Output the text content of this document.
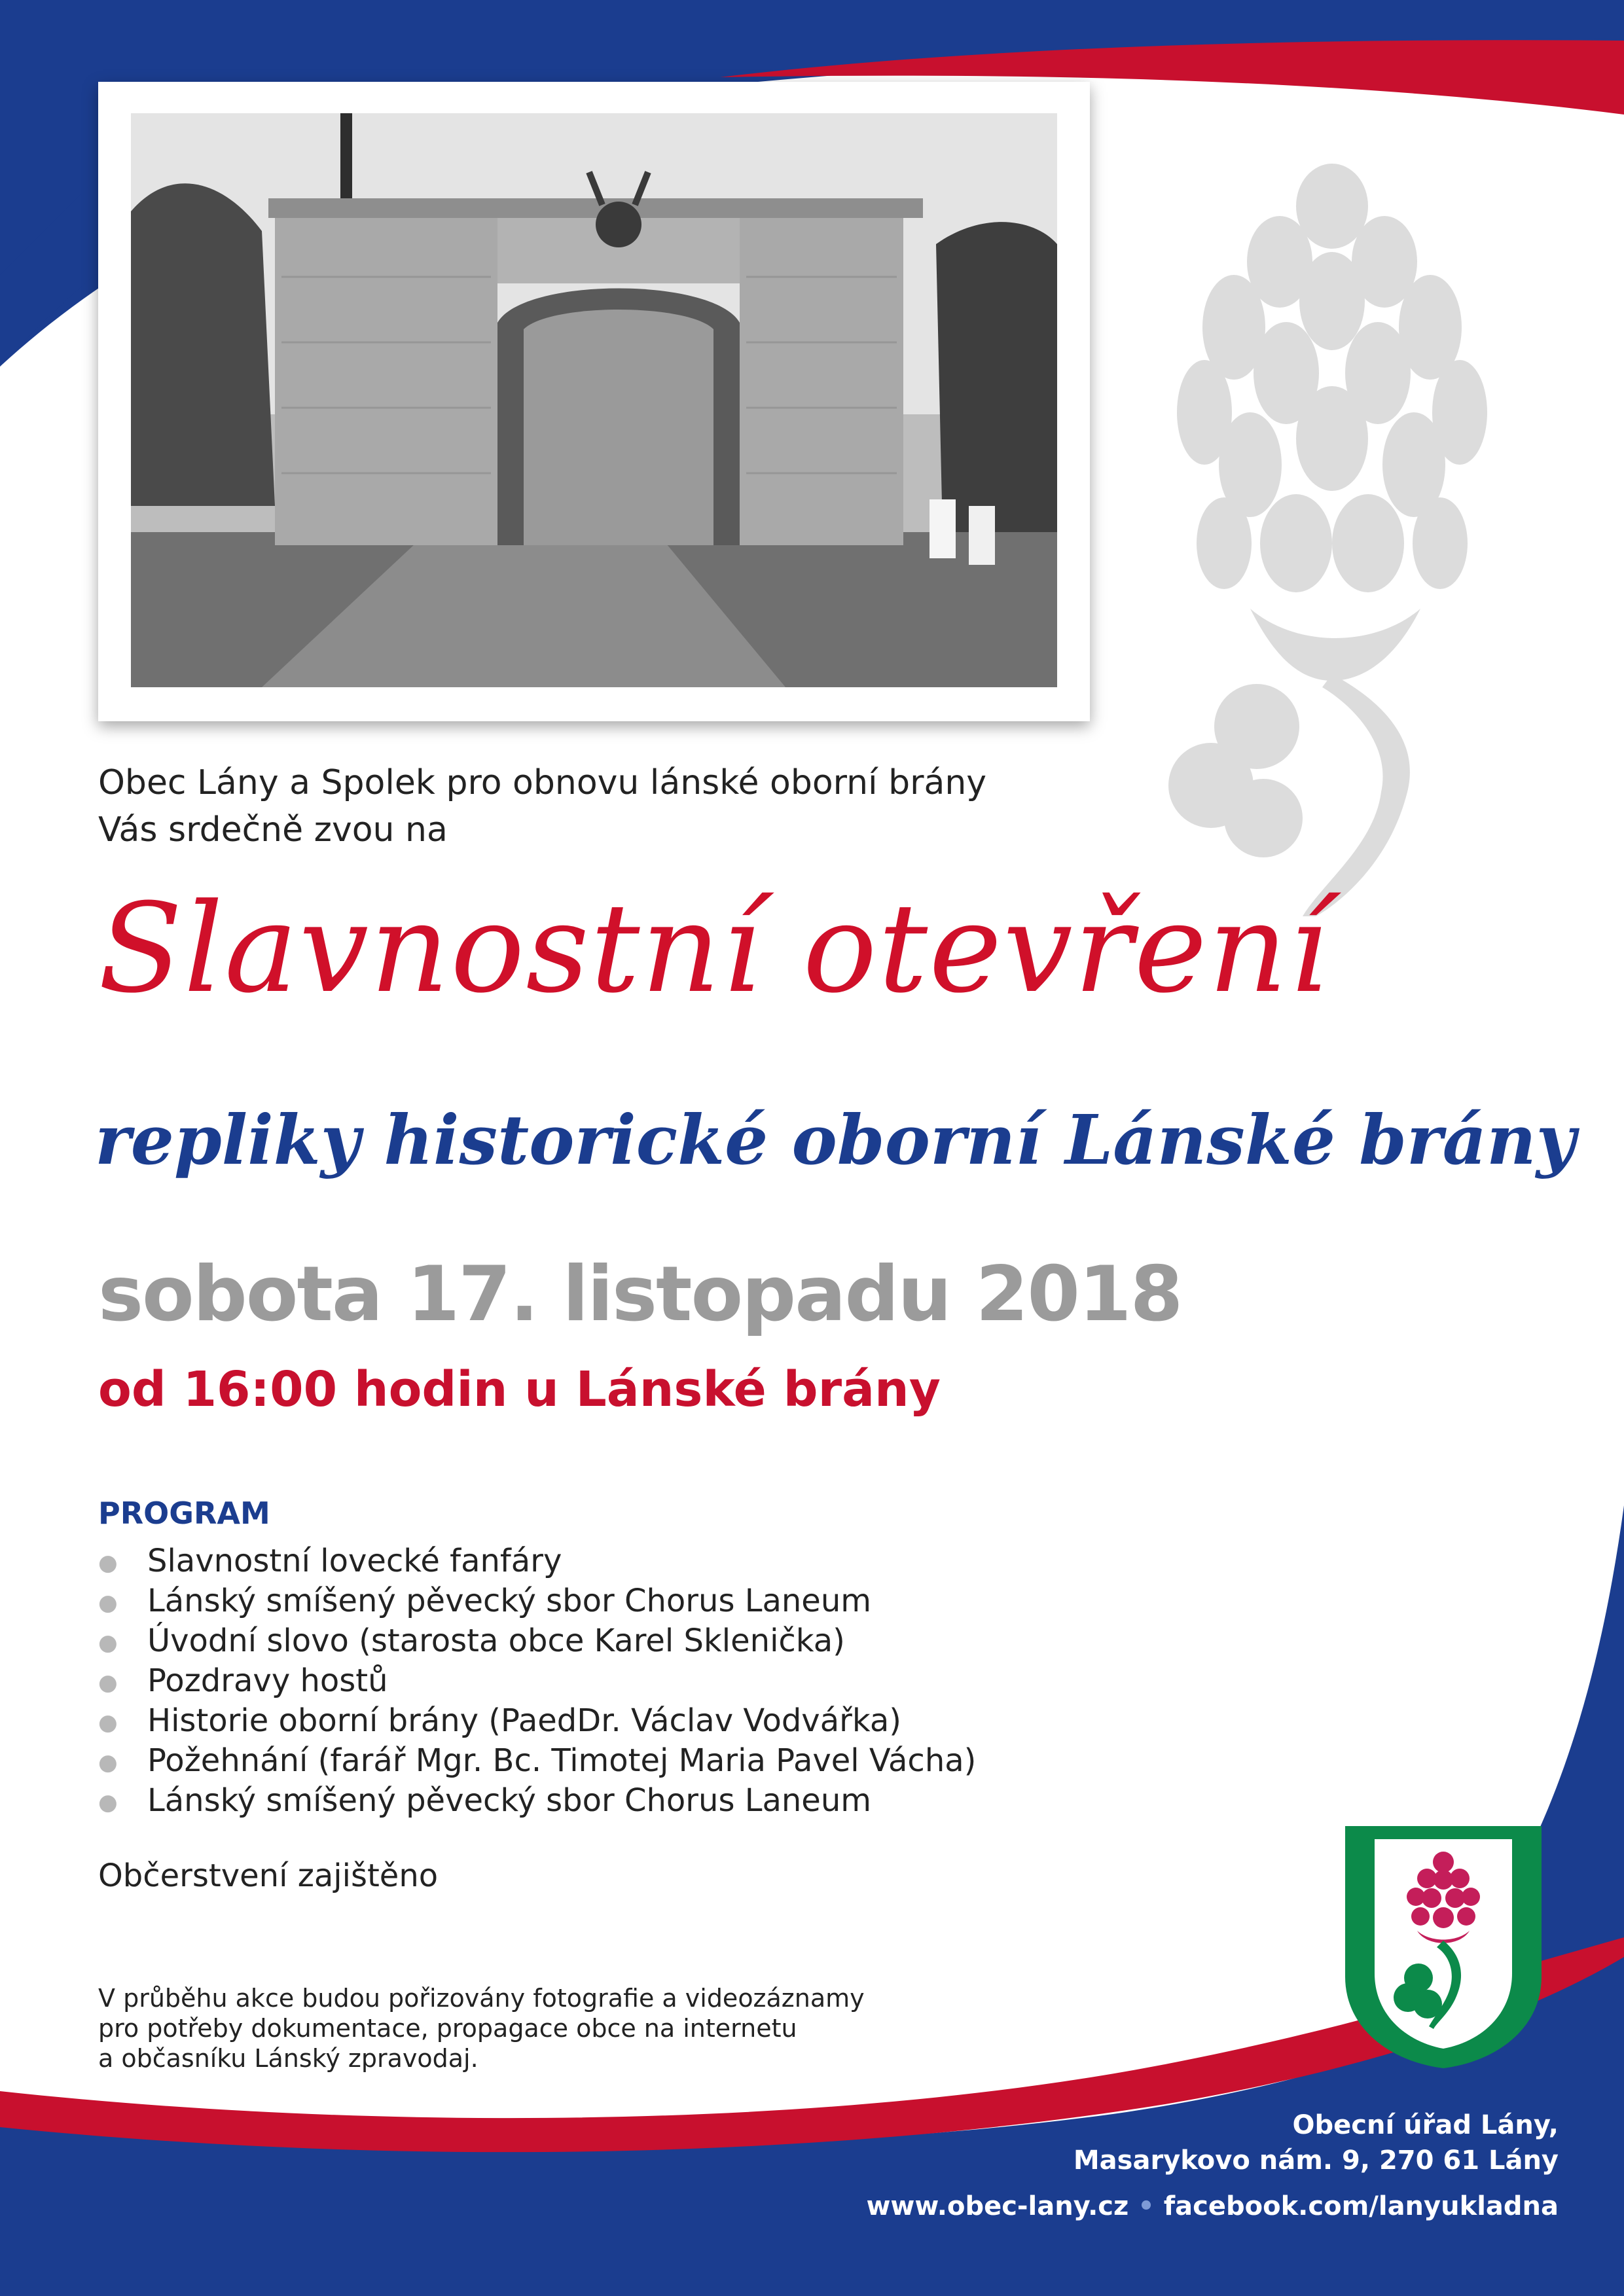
Obec Lány a Spolek pro obnovu lánské oborní brány
Vás srdečně zvou na
Slavnostní otevření
repliky historické oborní Lánské brány
sobota 17. listopadu 2018
od 16:00 hodin u Lánské brány
PROGRAM
● Slavnostní lovecké fanfáry
● Lánský smíšený pěvecký sbor Chorus Laneum
● Úvodní slovo (starosta obce Karel Sklenička)
● Pozdravy hostů
● Historie oborní brány (PaedDr. Václav Vodvářka)
● Požehnání (farář Mgr. Bc. Timotej Maria Pavel Vácha)
● Lánský smíšený pěvecký sbor Chorus Laneum
Občerstvení zajištěno
V průběhu akce budou pořizovány fotografie a videozáznamy
pro potřeby dokumentace, propagace obce na internetu
a občasníku Lánský zpravodaj.
Obecní úřad Lány,
Masarykovo nám. 9, 270 61 Lány
www.obec-lany.cz • facebook.com/lanyukladna
